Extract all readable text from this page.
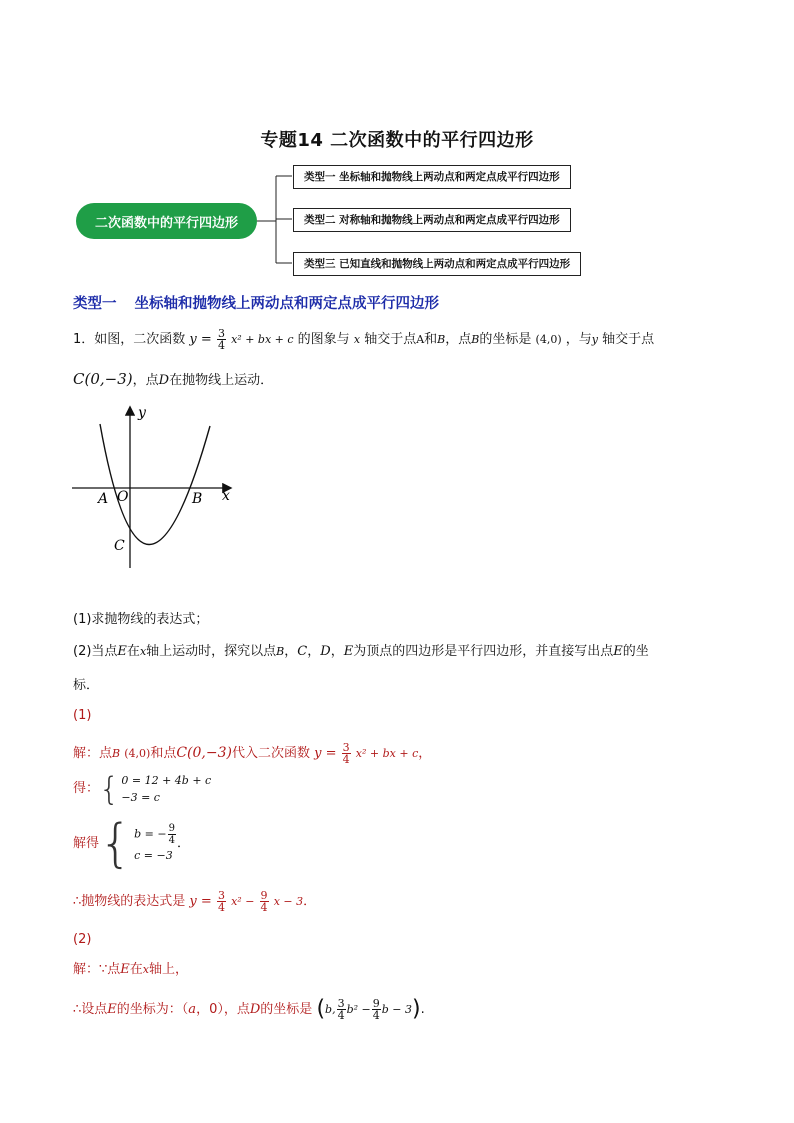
专题14 二次函数中的平行四边形
二次函数中的平行四边形
类型一 坐标轴和抛物线上两动点和两定点成平行四边形
类型二 对称轴和抛物线上两动点和两定点成平行四边形
类型三 已知直线和抛物线上两动点和两定点成平行四边形
类型一 坐标轴和抛物线上两动点和两定点成平行四边形
1．如图，二次函数 $y = \frac{3}{4} x^2$ + bx + c 的图象与 x 轴交于点A和B，点B的坐标是 (4,0) ，与y 轴交于点
C(0,−3)，点D在抛物线上运动．
y
x
A O	B
C
(1)求抛物线的表达式；
(2)当点E在x轴上运动时，探究以点B，C，D，E为顶点的四边形是平行四边形，并直接写出点E的坐
标．
(1)
解：点B (4,0)和点C(0,−3)代入二次函数 $y = \frac{3}{4} x^2$ + bx + c，
得： { 0 = 12 + 4b + c
−3 = c
解得 { b = − $\frac{9}{4}$
c = −3
．
∴抛物线的表达式是 $y = \frac{3}{4} x^2 - \frac{9}{4}$ x − 3．
(2)
解：∵点E在x轴上，
∴设点E的坐标为：（a，0），点D的坐标是 (b, $\frac{3}{4} b^2 - \frac{9}{4}$ b − 3).
